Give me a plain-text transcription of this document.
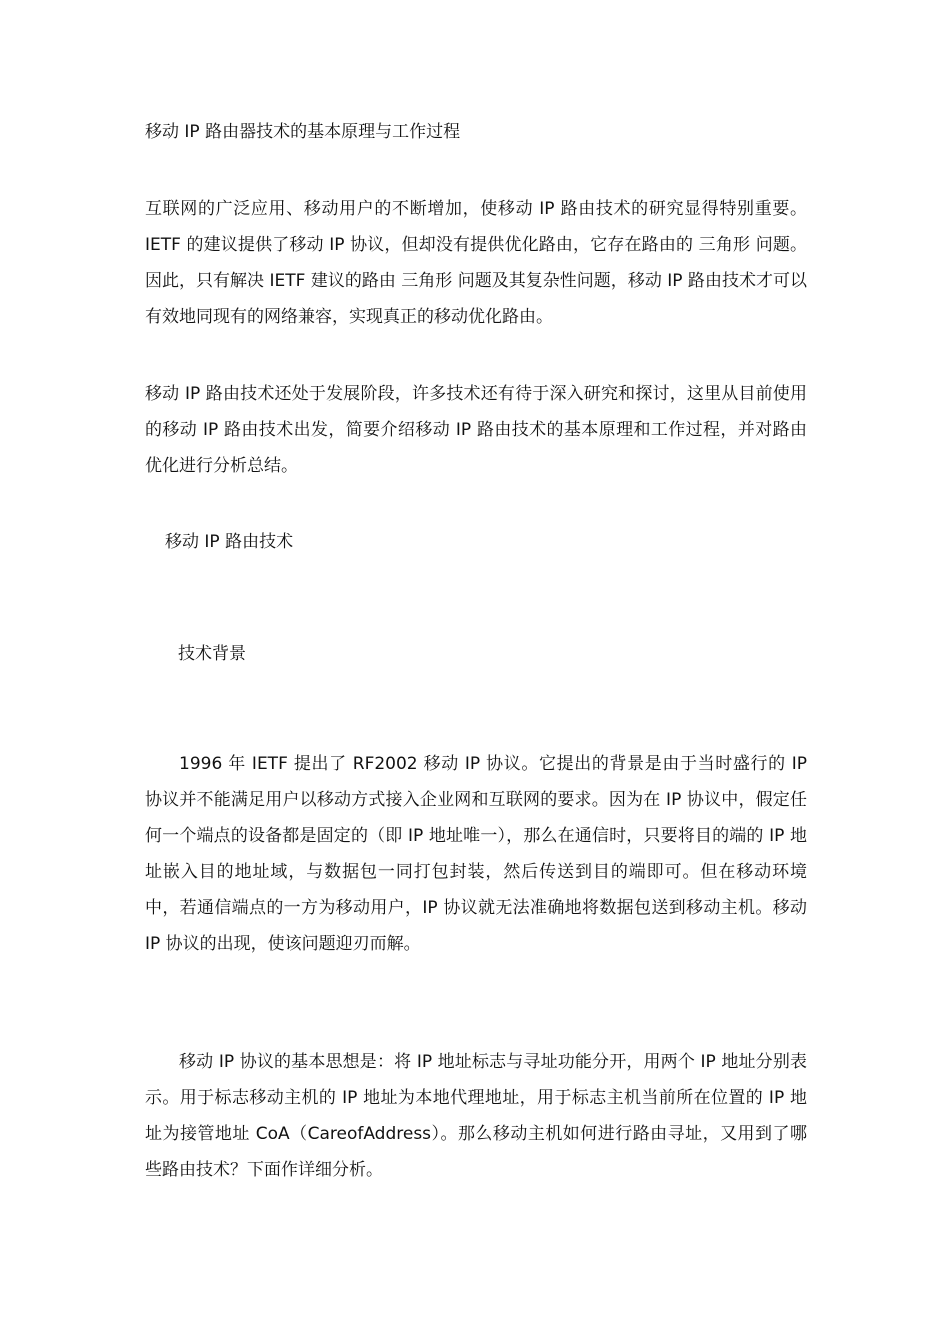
移动 IP 路由器技术的基本原理与工作过程

互联网的广泛应用、移动用户的不断增加，使移动 IP 路由技术的研究显得特别重要。IETF 的建议提供了移动 IP 协议，但却没有提供优化路由，它存在路由的 三角形 问题。因此，只有解决 IETF 建议的路由 三角形 问题及其复杂性问题，移动 IP 路由技术才可以有效地同现有的网络兼容，实现真正的移动优化路由。

移动 IP 路由技术还处于发展阶段，许多技术还有待于深入研究和探讨，这里从目前使用的移动 IP 路由技术出发，简要介绍移动 IP 路由技术的基本原理和工作过程，并对路由优化进行分析总结。

移动 IP 路由技术

技术背景

1996 年 IETF 提出了 RF2002 移动 IP 协议。它提出的背景是由于当时盛行的 IP 协议并不能满足用户以移动方式接入企业网和互联网的要求。因为在 IP 协议中，假定任何一个端点的设备都是固定的（即 IP 地址唯一），那么在通信时，只要将目的端的 IP 地址嵌入目的地址域，与数据包一同打包封装，然后传送到目的端即可。但在移动环境中，若通信端点的一方为移动用户，IP 协议就无法准确地将数据包送到移动主机。移动 IP 协议的出现，使该问题迎刃而解。

移动 IP 协议的基本思想是：将 IP 地址标志与寻址功能分开，用两个 IP 地址分别表示。用于标志移动主机的 IP 地址为本地代理地址，用于标志主机当前所在位置的 IP 地址为接管地址 CoA（CareofAddress）。那么移动主机如何进行路由寻址，又用到了哪些路由技术？下面作详细分析。
